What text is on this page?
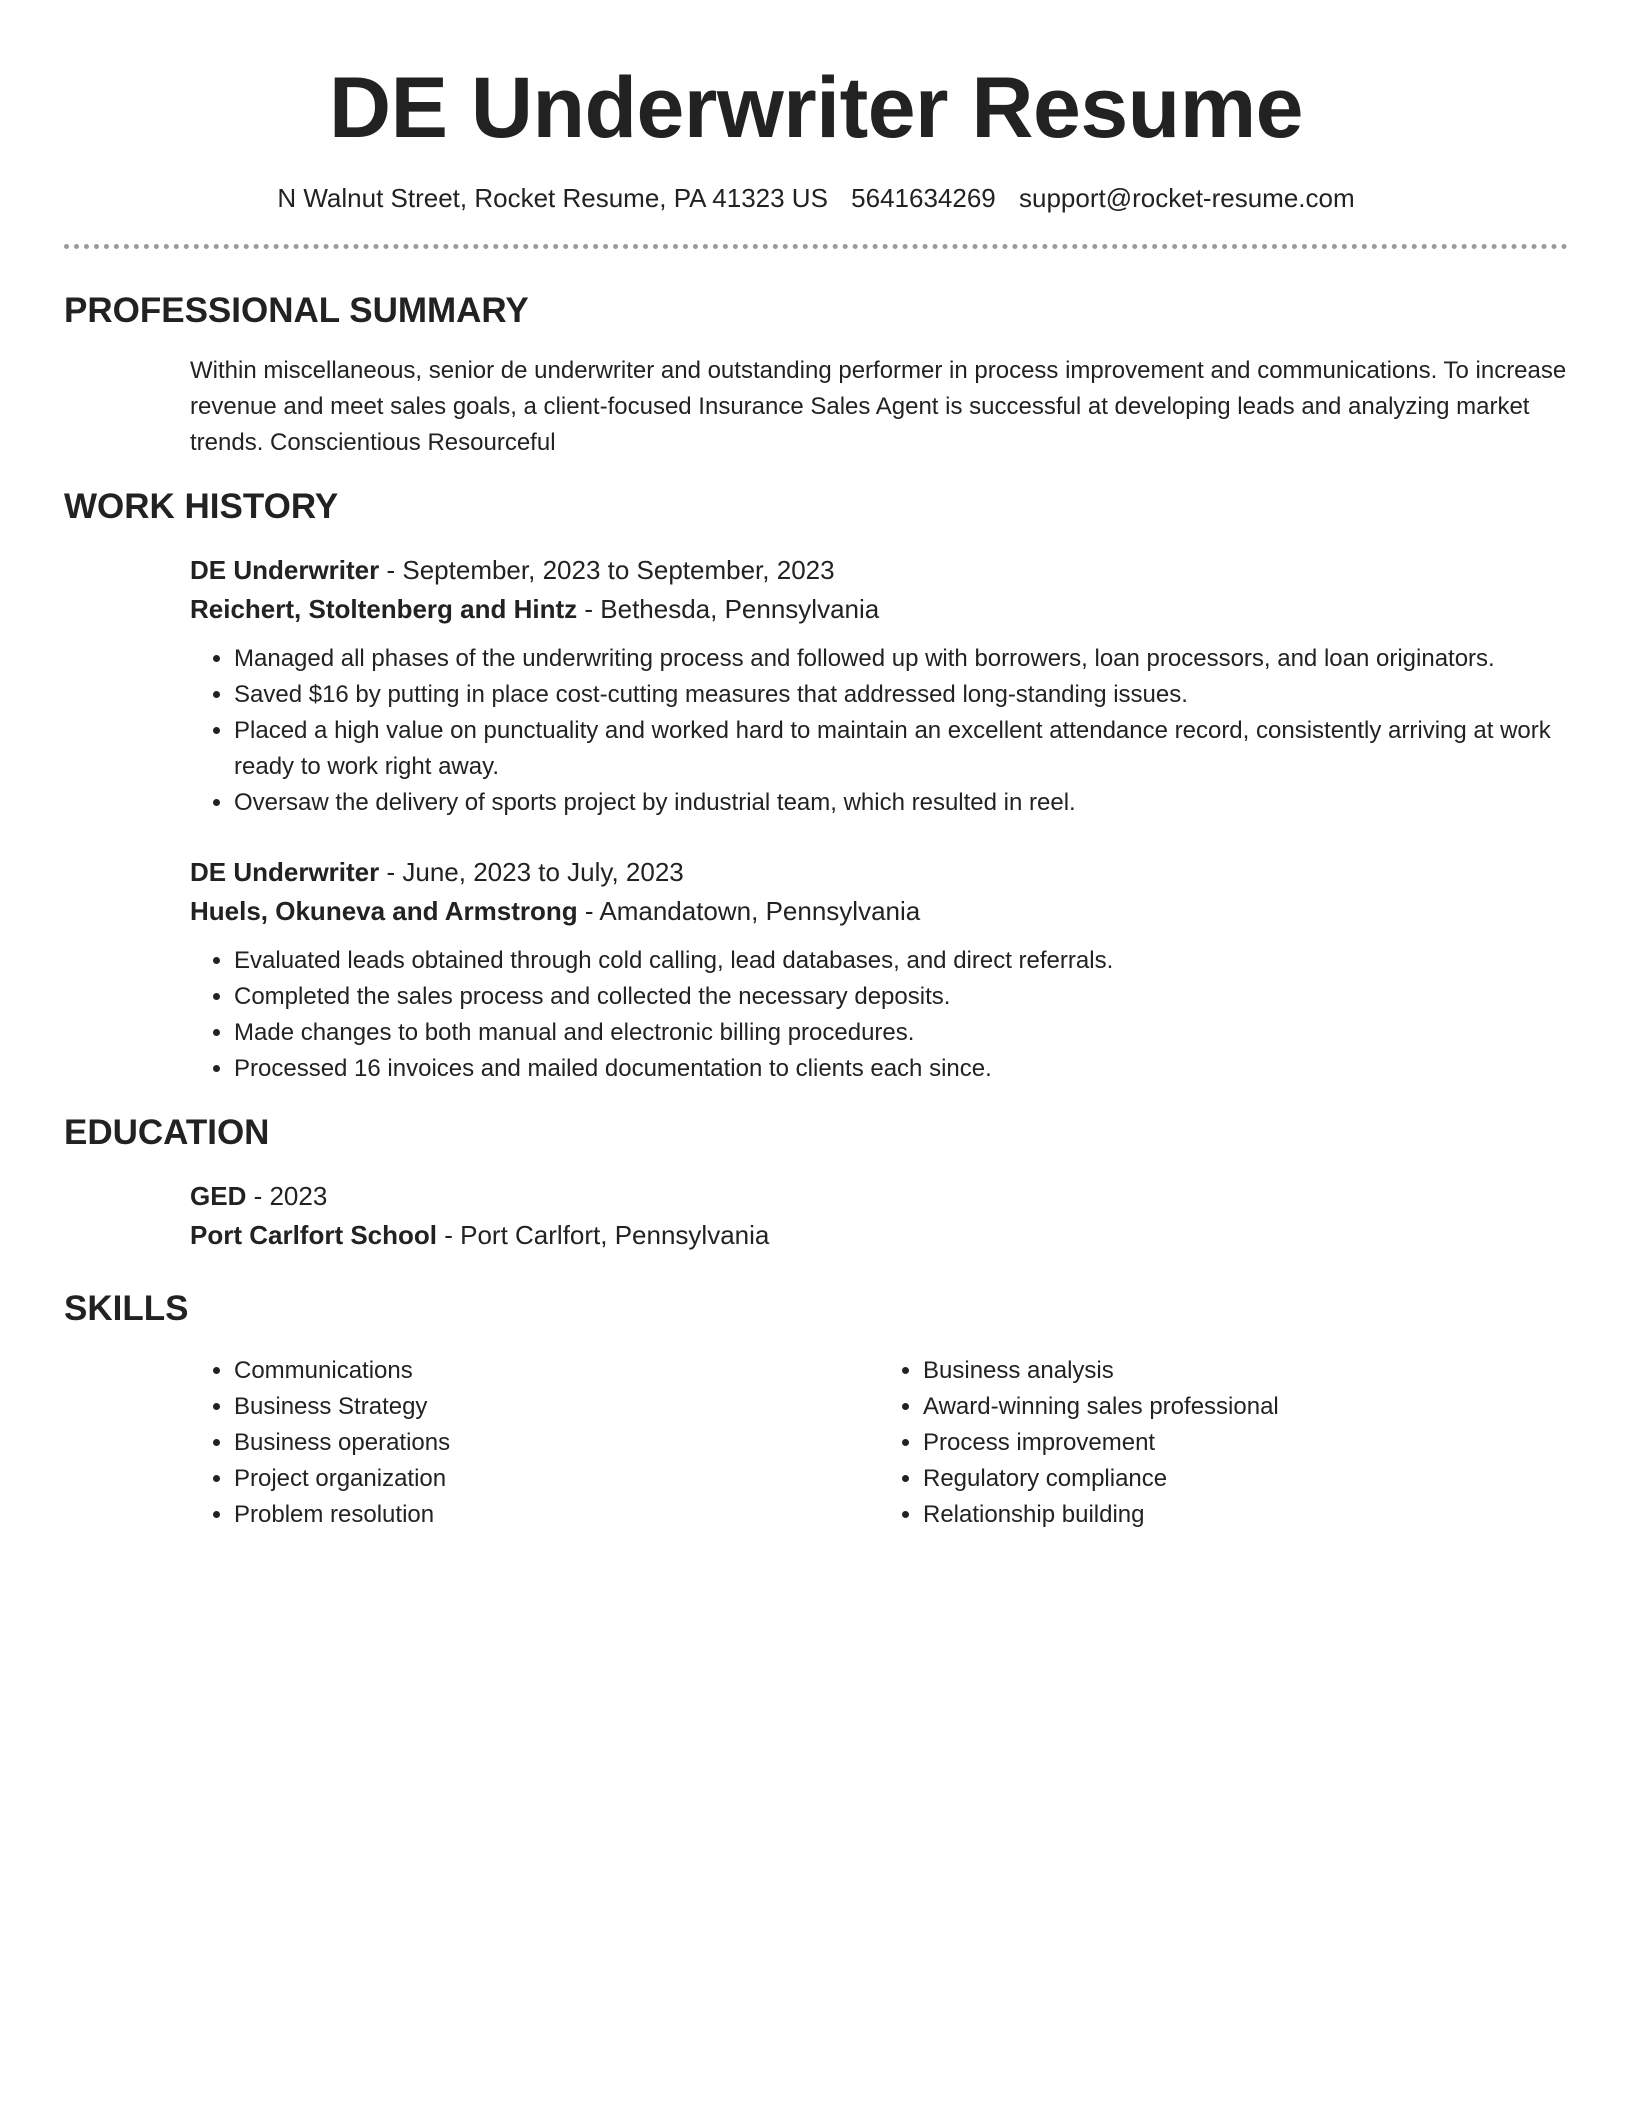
DE Underwriter Resume
N Walnut Street, Rocket Resume, PA 41323 US 5641634269 support@rocket-resume.com
PROFESSIONAL SUMMARY

Within miscellaneous, senior de underwriter and outstanding performer in process improvement and communications. To increase revenue and meet sales goals, a client-focused Insurance Sales Agent is successful at developing leads and analyzing market trends. Conscientious Resourceful

WORK HISTORY

DE Underwriter - September, 2023 to September, 2023

Reichert, Stoltenberg and Hintz - Bethesda, Pennsylvania

• Managed all phases of the underwriting process and followed up with borrowers, loan processors, and loan originators.
• Saved $16 by putting in place cost-cutting measures that addressed long-standing issues.
• Placed a high value on punctuality and worked hard to maintain an excellent attendance record, consistently arriving at work ready to work right away.
• Oversaw the delivery of sports project by industrial team, which resulted in reel.

DE Underwriter - June, 2023 to July, 2023

Huels, Okuneva and Armstrong - Amandatown, Pennsylvania

• Evaluated leads obtained through cold calling, lead databases, and direct referrals.
• Completed the sales process and collected the necessary deposits.
• Made changes to both manual and electronic billing procedures.
• Processed 16 invoices and mailed documentation to clients each since.
EDUCATION

GED - 2023

Port Carlfort School - Port Carlfort, Pennsylvania

SKILLS
• Communications
• Business Strategy
• Business operations
• Project organization
• Problem resolution
• Business analysis
• Award-winning sales professional
• Process improvement
• Regulatory compliance
• Relationship building
